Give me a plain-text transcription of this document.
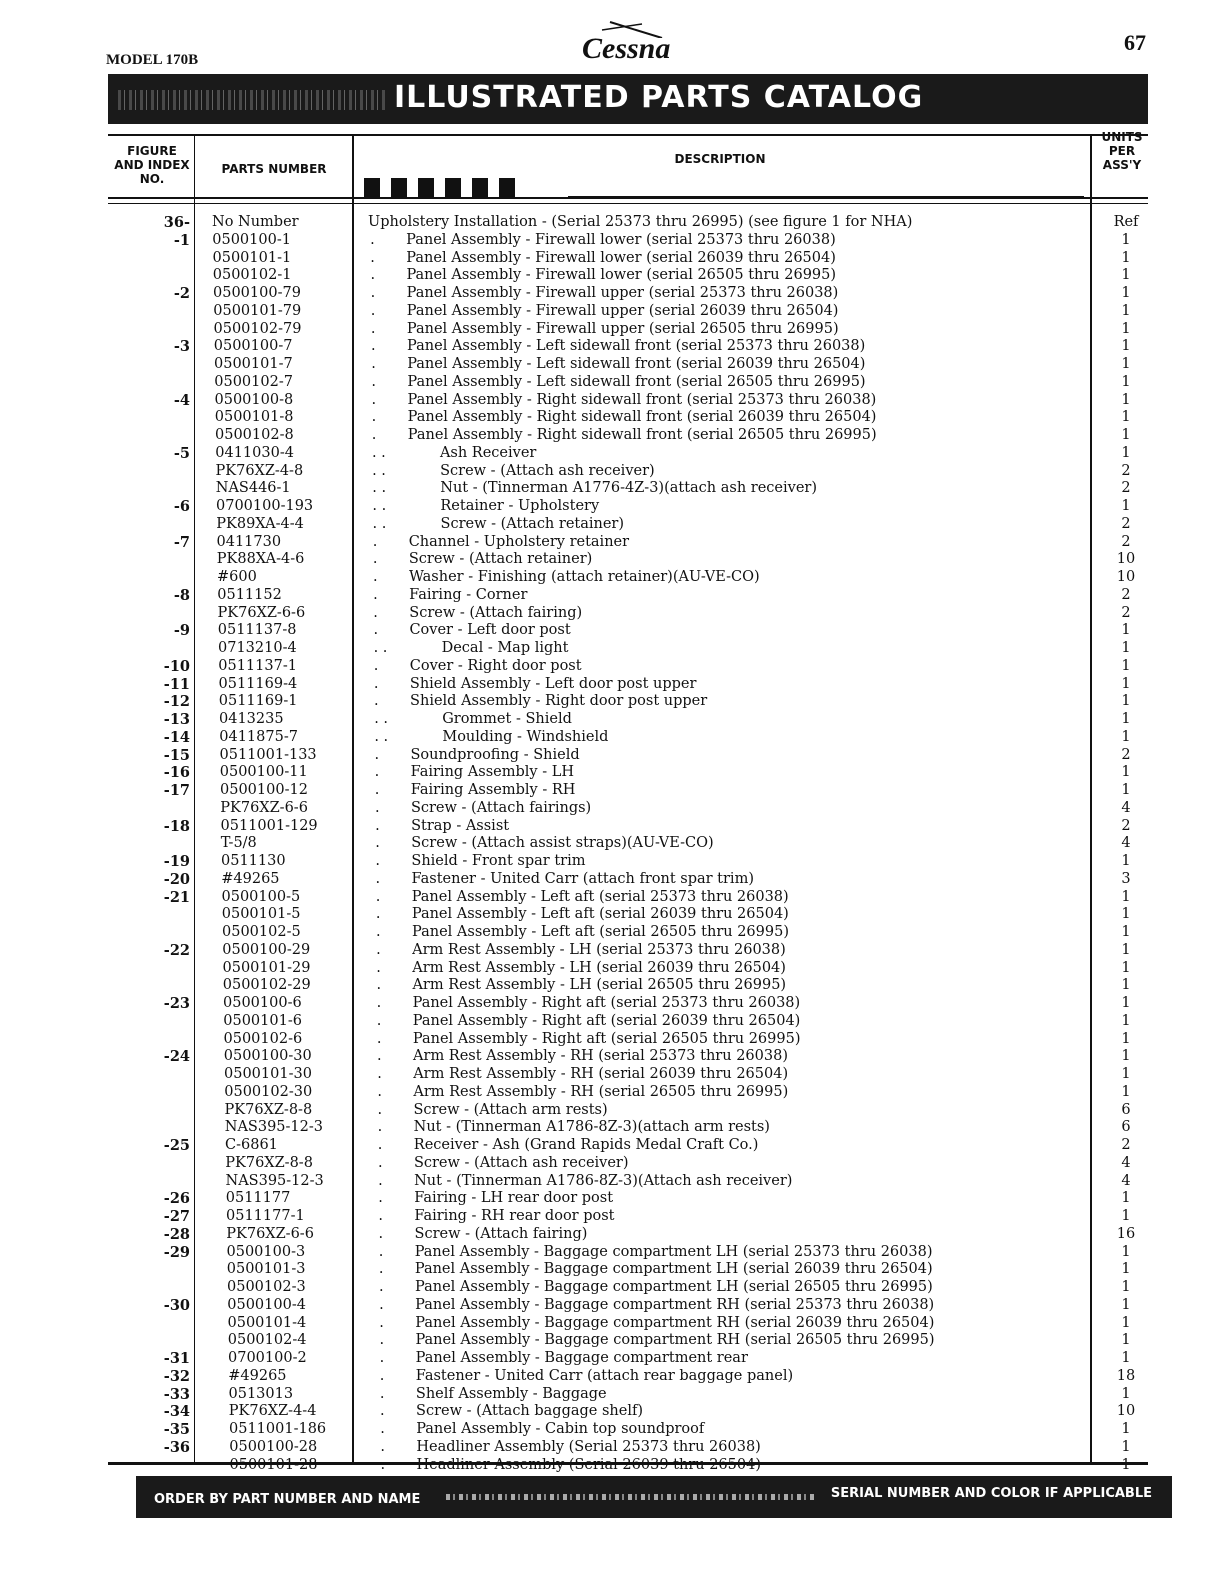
MODEL 170B	Cessna	67
ILLUSTRATED PARTS CATALOG
FIGURE AND INDEX NO.
PARTS NUMBER
DESCRIPTION
UNITS PER ASS'Y
36- No Number	Upholstery Installation - (Serial 25373 thru 26995) (see figure 1 for NHA)	Ref
.
-1 0500100-1	Panel Assembly - Firewall lower (serial 25373 thru 26038)	1
.
0500101-1	Panel Assembly - Firewall lower (serial 26039 thru 26504)	1
.
0500102-1	Panel Assembly - Firewall lower (serial 26505 thru 26995)	1
.
-2 0500100-79	Panel Assembly - Firewall upper (serial 25373 thru 26038)	1
.
0500101-79	Panel Assembly - Firewall upper (serial 26039 thru 26504)	1
.
0500102-79	Panel Assembly - Firewall upper (serial 26505 thru 26995)	1
.
-3 0500100-7	Panel Assembly - Left sidewall front (serial 25373 thru 26038)	1
.
0500101-7	Panel Assembly - Left sidewall front (serial 26039 thru 26504)	1
.
0500102-7	Panel Assembly - Left sidewall front (serial 26505 thru 26995)	1
.
-4 0500100-8	Panel Assembly - Right sidewall front (serial 25373 thru 26038)	1
.
0500101-8	Panel Assembly - Right sidewall front (serial 26039 thru 26504)	1
.
0500102-8	Panel Assembly - Right sidewall front (serial 26505 thru 26995)	1
. .
-5 0411030-4	Ash Receiver	1
. .
PK76XZ-4-8	Screw - (Attach ash receiver)	2
. .
NAS446-1	Nut - (Tinnerman A1776-4Z-3)(attach ash receiver)	2
. .
-6 0700100-193	Retainer - Upholstery	1
. .
PK89XA-4-4	Screw - (Attach retainer)	2
.
-7 0411730	Channel - Upholstery retainer	2
.
PK88XA-4-6	Screw - (Attach retainer)	10
.
#600	Washer - Finishing (attach retainer)(AU-VE-CO)	10
.
-8 0511152	Fairing - Corner	2
.
PK76XZ-6-6	Screw - (Attach fairing)	2
.
-9 0511137-8	Cover - Left door post	1
. .
0713210-4	Decal - Map light	1
.
-10 0511137-1	Cover - Right door post	1
.
-11 0511169-4	Shield Assembly - Left door post upper	1
.
-12 0511169-1	Shield Assembly - Right door post upper	1
. .
-13 0413235	Grommet - Shield	1
. .
-14 0411875-7	Moulding - Windshield	1
.
-15 0511001-133	Soundproofing - Shield	2
.
-16 0500100-11	Fairing Assembly - LH	1
.
-17 0500100-12	Fairing Assembly - RH	1
.
PK76XZ-6-6	Screw - (Attach fairings)	4
.
-18 0511001-129	Strap - Assist	2
.
T-5/8	Screw - (Attach assist straps)(AU-VE-CO)	4
.
-19 0511130	Shield - Front spar trim	1
.
-20 #49265	Fastener - United Carr (attach front spar trim)	3
.
-21 0500100-5	Panel Assembly - Left aft (serial 25373 thru 26038)	1
.
0500101-5	Panel Assembly - Left aft (serial 26039 thru 26504)	1
.
0500102-5	Panel Assembly - Left aft (serial 26505 thru 26995)	1
.
-22 0500100-29	Arm Rest Assembly - LH (serial 25373 thru 26038)	1
.
0500101-29	Arm Rest Assembly - LH (serial 26039 thru 26504)	1
.
0500102-29	Arm Rest Assembly - LH (serial 26505 thru 26995)	1
.
-23 0500100-6	Panel Assembly - Right aft (serial 25373 thru 26038)	1
.
0500101-6	Panel Assembly - Right aft (serial 26039 thru 26504)	1
.
0500102-6	Panel Assembly - Right aft (serial 26505 thru 26995)	1
.
-24 0500100-30	Arm Rest Assembly - RH (serial 25373 thru 26038)	1
.
0500101-30	Arm Rest Assembly - RH (serial 26039 thru 26504)	1
.
0500102-30	Arm Rest Assembly - RH (serial 26505 thru 26995)	1
.
PK76XZ-8-8	Screw - (Attach arm rests)	6
.
NAS395-12-3	Nut - (Tinnerman A1786-8Z-3)(attach arm rests)	6
.
-25 C-6861	Receiver - Ash (Grand Rapids Medal Craft Co.)	2
.
PK76XZ-8-8	Screw - (Attach ash receiver)	4
.
NAS395-12-3	Nut - (Tinnerman A1786-8Z-3)(Attach ash receiver)	4
.
-26 0511177	Fairing - LH rear door post	1
.
-27 0511177-1	Fairing - RH rear door post	1
.
-28	PK76XZ-6-6	Screw - (Attach fairing)	16
.
-29	0500100-3	Panel Assembly - Baggage compartment LH (serial 25373 thru 26038)	1
.
0500101-3	Panel Assembly - Baggage compartment LH (serial 26039 thru 26504)	1
.
0500102-3	Panel Assembly - Baggage compartment LH (serial 26505 thru 26995)	1
.
-30	0500100-4	Panel Assembly - Baggage compartment RH (serial 25373 thru 26038)	1
.
0500101-4	Panel Assembly - Baggage compartment RH (serial 26039 thru 26504)	1
.
0500102-4	Panel Assembly - Baggage compartment RH (serial 26505 thru 26995)	1
.
-31	0700100-2	Panel Assembly - Baggage compartment rear	1
.
-32	#49265	Fastener - United Carr (attach rear baggage panel)	18
.
-33	0513013	Shelf Assembly - Baggage	1
.
-34	PK76XZ-4-4	Screw - (Attach baggage shelf)	10
.
-35	0511001-186	Panel Assembly - Cabin top soundproof	1
.
-36	0500100-28	Headliner Assembly (Serial 25373 thru 26038)	1
.
0500101-28	Headliner Assembly (Serial 26039 thru 26504)	1
ORDER BY PART NUMBER AND NAME	SERIAL NUMBER AND COLOR IF APPLICABLE
